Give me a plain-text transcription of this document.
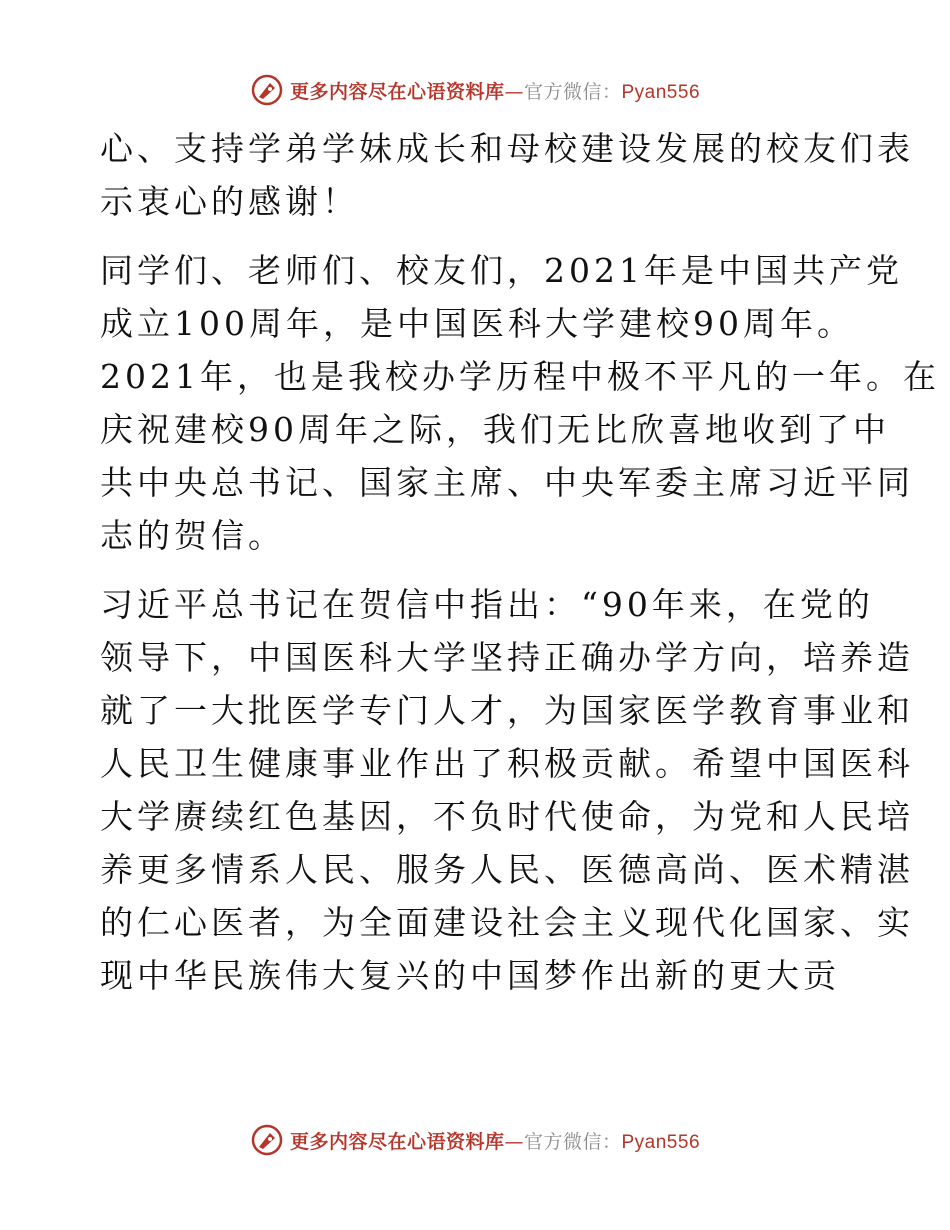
更多内容尽在心语资料库—官方微信：Pyan556

心、支持学弟学妹成长和母校建设发展的校友们表
示衷心的感谢！

同学们、老师们、校友们，2021年是中国共产党
成立100周年，是中国医科大学建校90周年。
2021年，也是我校办学历程中极不平凡的一年。在
庆祝建校90周年之际，我们无比欣喜地收到了中
共中央总书记、国家主席、中央军委主席习近平同
志的贺信。

习近平总书记在贺信中指出：“90年来，在党的
领导下，中国医科大学坚持正确办学方向，培养造
就了一大批医学专门人才，为国家医学教育事业和
人民卫生健康事业作出了积极贡献。希望中国医科
大学赓续红色基因，不负时代使命，为党和人民培
养更多情系人民、服务人民、医德高尚、医术精湛
的仁心医者，为全面建设社会主义现代化国家、实
现中华民族伟大复兴的中国梦作出新的更大贡

更多内容尽在心语资料库—官方微信：Pyan556
